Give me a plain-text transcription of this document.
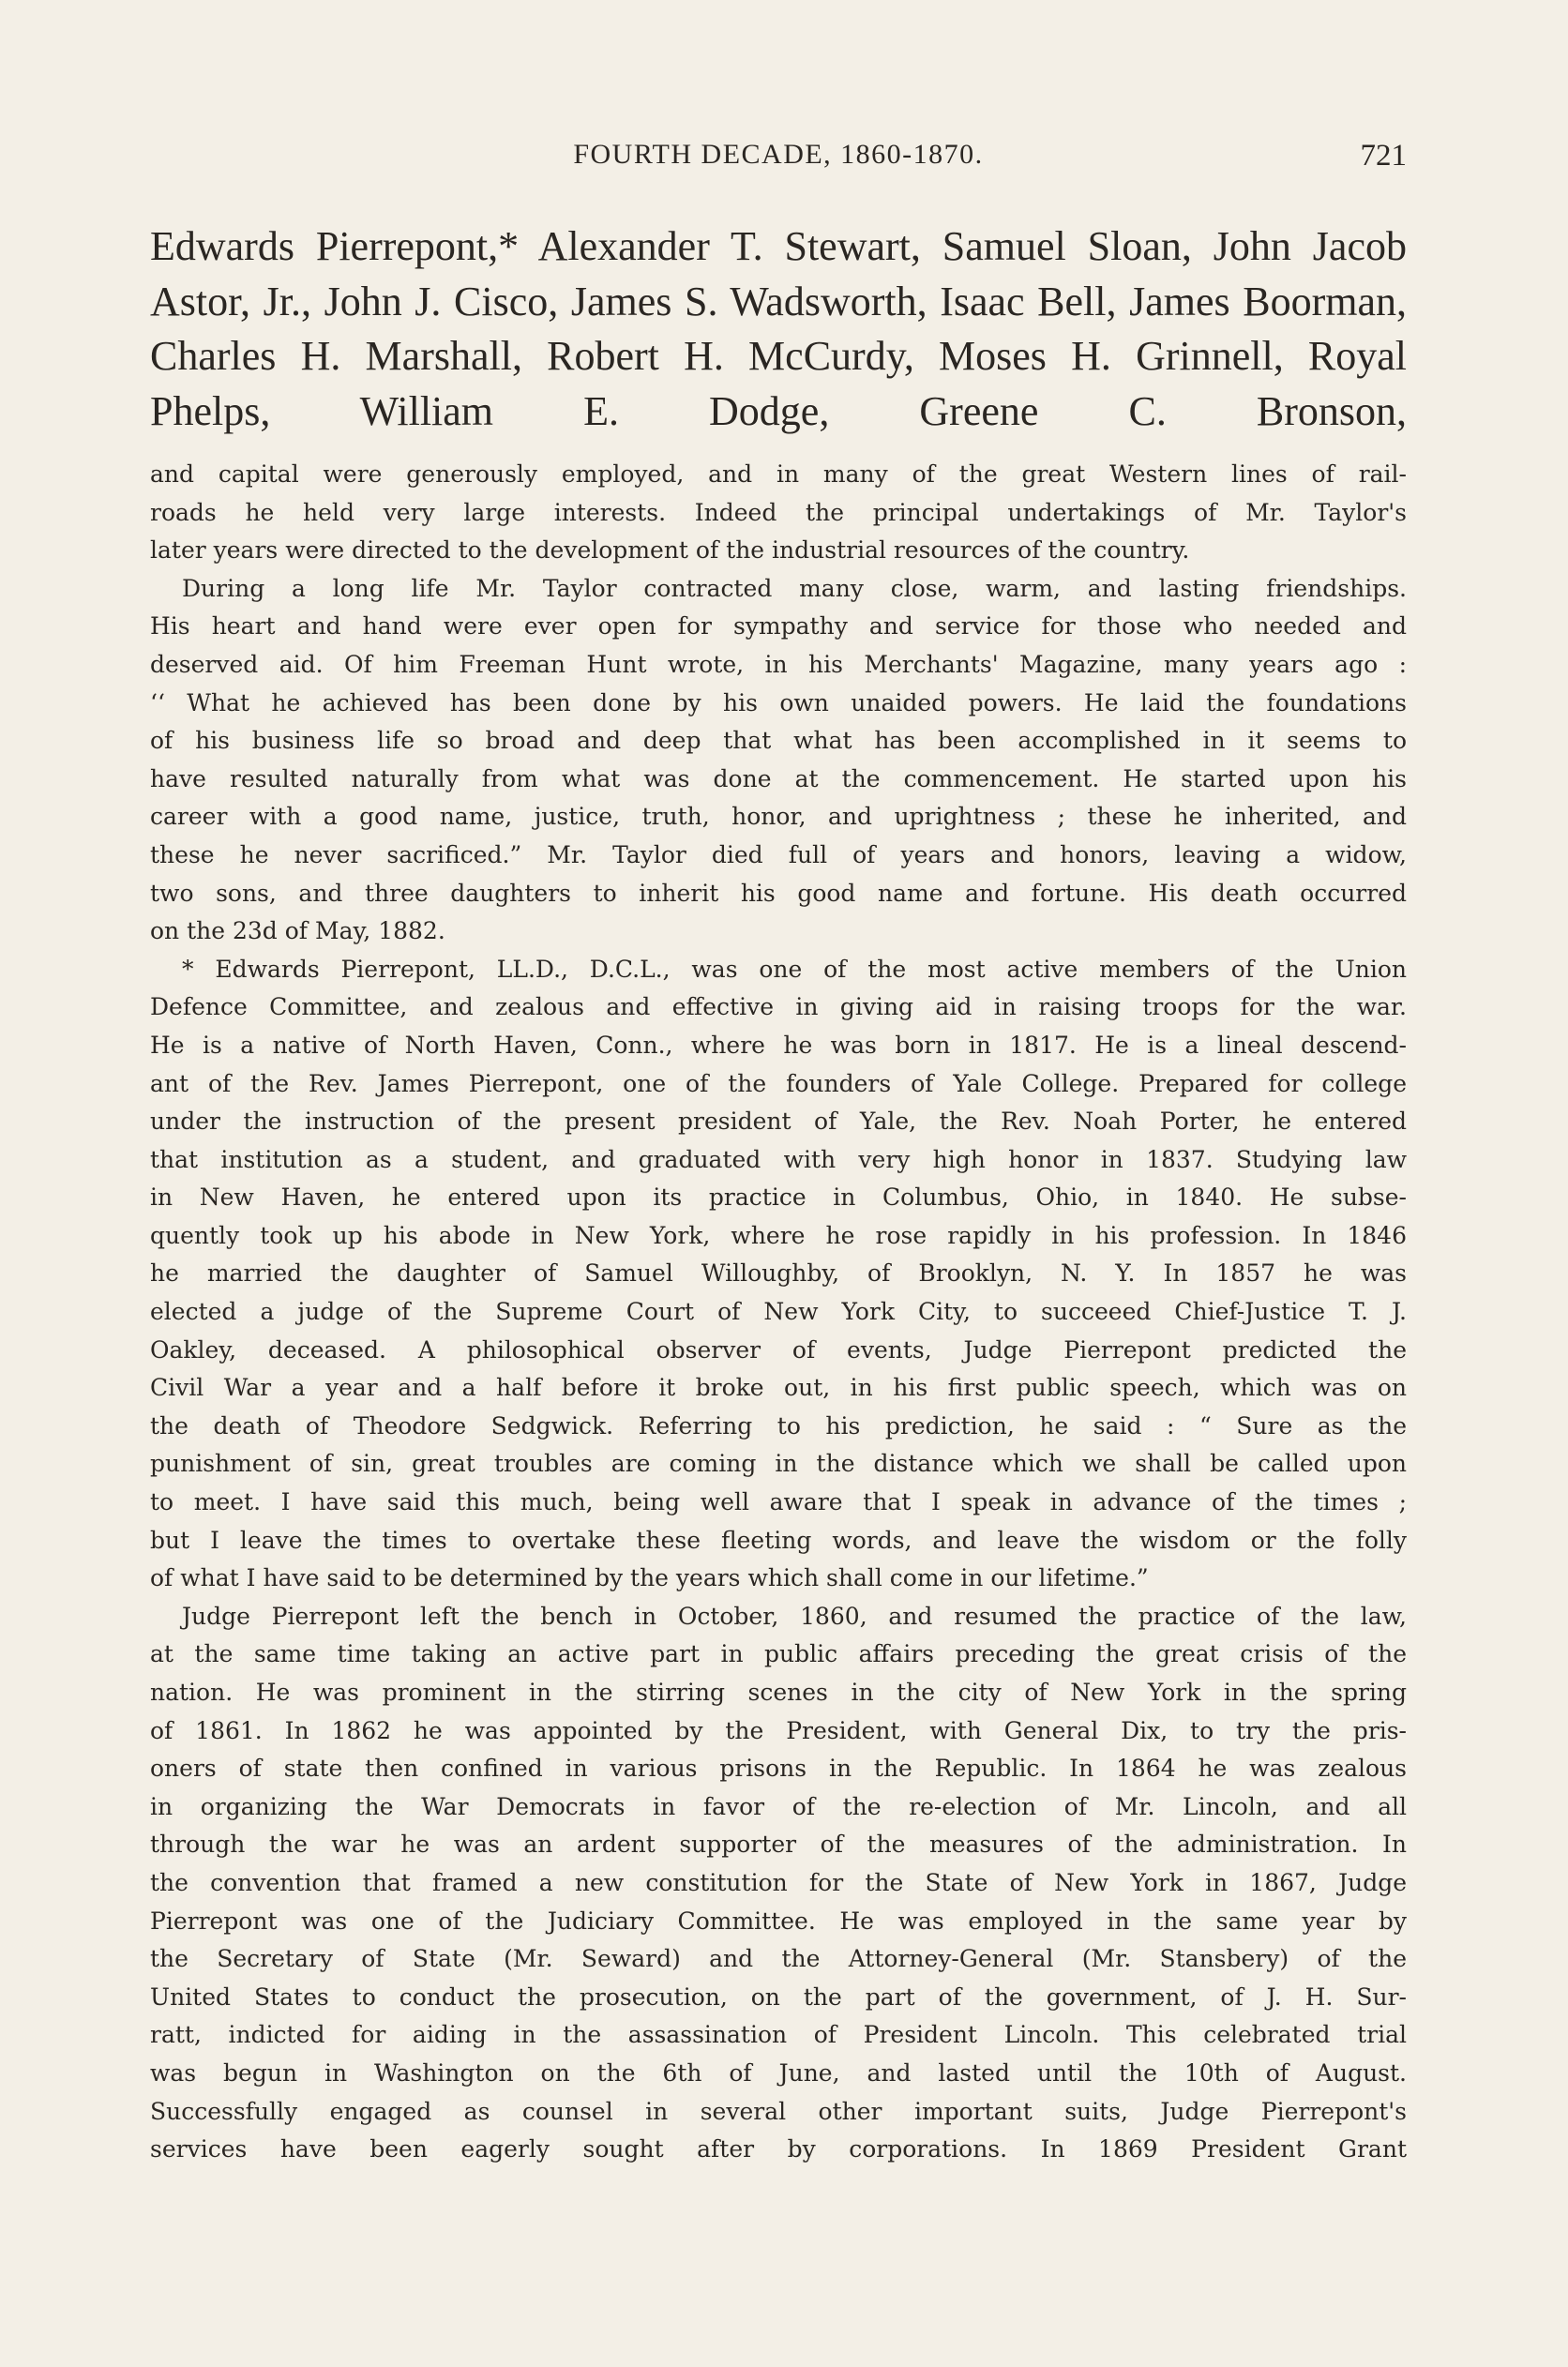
FOURTH DECADE, 1860-1870.	721
Edwards Pierrepont,* Alexander T. Stewart, Samuel Sloan, John Jacob Astor, Jr., John J. Cisco, James S. Wadsworth, Isaac Bell, James Boorman, Charles H. Marshall, Robert H. McCurdy, Moses H. Grinnell, Royal Phelps, William E. Dodge, Greene C. Bronson,
and capital were generously employed, and in many of the great Western lines of rail-
roads he held very large interests. Indeed the principal undertakings of Mr. Taylor's
later years were directed to the development of the industrial resources of the country.
During a long life Mr. Taylor contracted many close, warm, and lasting friendships.
His heart and hand were ever open for sympathy and service for those who needed and
deserved aid. Of him Freeman Hunt wrote, in his Merchants' Magazine, many years ago :
‘‘ What he achieved has been done by his own unaided powers. He laid the foundations
of his business life so broad and deep that what has been accomplished in it seems to
have resulted naturally from what was done at the commencement. He started upon his
career with a good name, justice, truth, honor, and uprightness ; these he inherited, and
these he never sacrificed.” Mr. Taylor died full of years and honors, leaving a widow,
two sons, and three daughters to inherit his good name and fortune. His death occurred
on the 23d of May, 1882.
* Edwards Pierrepont, LL.D., D.C.L., was one of the most active members of the Union
Defence Committee, and zealous and effective in giving aid in raising troops for the war.
He is a native of North Haven, Conn., where he was born in 1817. He is a lineal descend-
ant of the Rev. James Pierrepont, one of the founders of Yale College. Prepared for college
under the instruction of the present president of Yale, the Rev. Noah Porter, he entered
that institution as a student, and graduated with very high honor in 1837. Studying law
in New Haven, he entered upon its practice in Columbus, Ohio, in 1840. He subse-
quently took up his abode in New York, where he rose rapidly in his profession. In 1846
he married the daughter of Samuel Willoughby, of Brooklyn, N. Y. In 1857 he was
elected a judge of the Supreme Court of New York City, to succeeed Chief-Justice T. J.
Oakley, deceased. A philosophical observer of events, Judge Pierrepont predicted the
Civil War a year and a half before it broke out, in his first public speech, which was on
the death of Theodore Sedgwick. Referring to his prediction, he said : “ Sure as the
punishment of sin, great troubles are coming in the distance which we shall be called upon
to meet. I have said this much, being well aware that I speak in advance of the times ;
but I leave the times to overtake these fleeting words, and leave the wisdom or the folly
of what I have said to be determined by the years which shall come in our lifetime.”
Judge Pierrepont left the bench in October, 1860, and resumed the practice of the law,
at the same time taking an active part in public affairs preceding the great crisis of the
nation. He was prominent in the stirring scenes in the city of New York in the spring
of 1861. In 1862 he was appointed by the President, with General Dix, to try the pris-
oners of state then confined in various prisons in the Republic. In 1864 he was zealous
in organizing the War Democrats in favor of the re-election of Mr. Lincoln, and all
through the war he was an ardent supporter of the measures of the administration. In
the convention that framed a new constitution for the State of New York in 1867, Judge
Pierrepont was one of the Judiciary Committee. He was employed in the same year by
the Secretary of State (Mr. Seward) and the Attorney-General (Mr. Stansbery) of the
United States to conduct the prosecution, on the part of the government, of J. H. Sur-
ratt, indicted for aiding in the assassination of President Lincoln. This celebrated trial
was begun in Washington on the 6th of June, and lasted until the 10th of August.
Successfully engaged as counsel in several other important suits, Judge Pierrepont's
services have been eagerly sought after by corporations. In 1869 President Grant
